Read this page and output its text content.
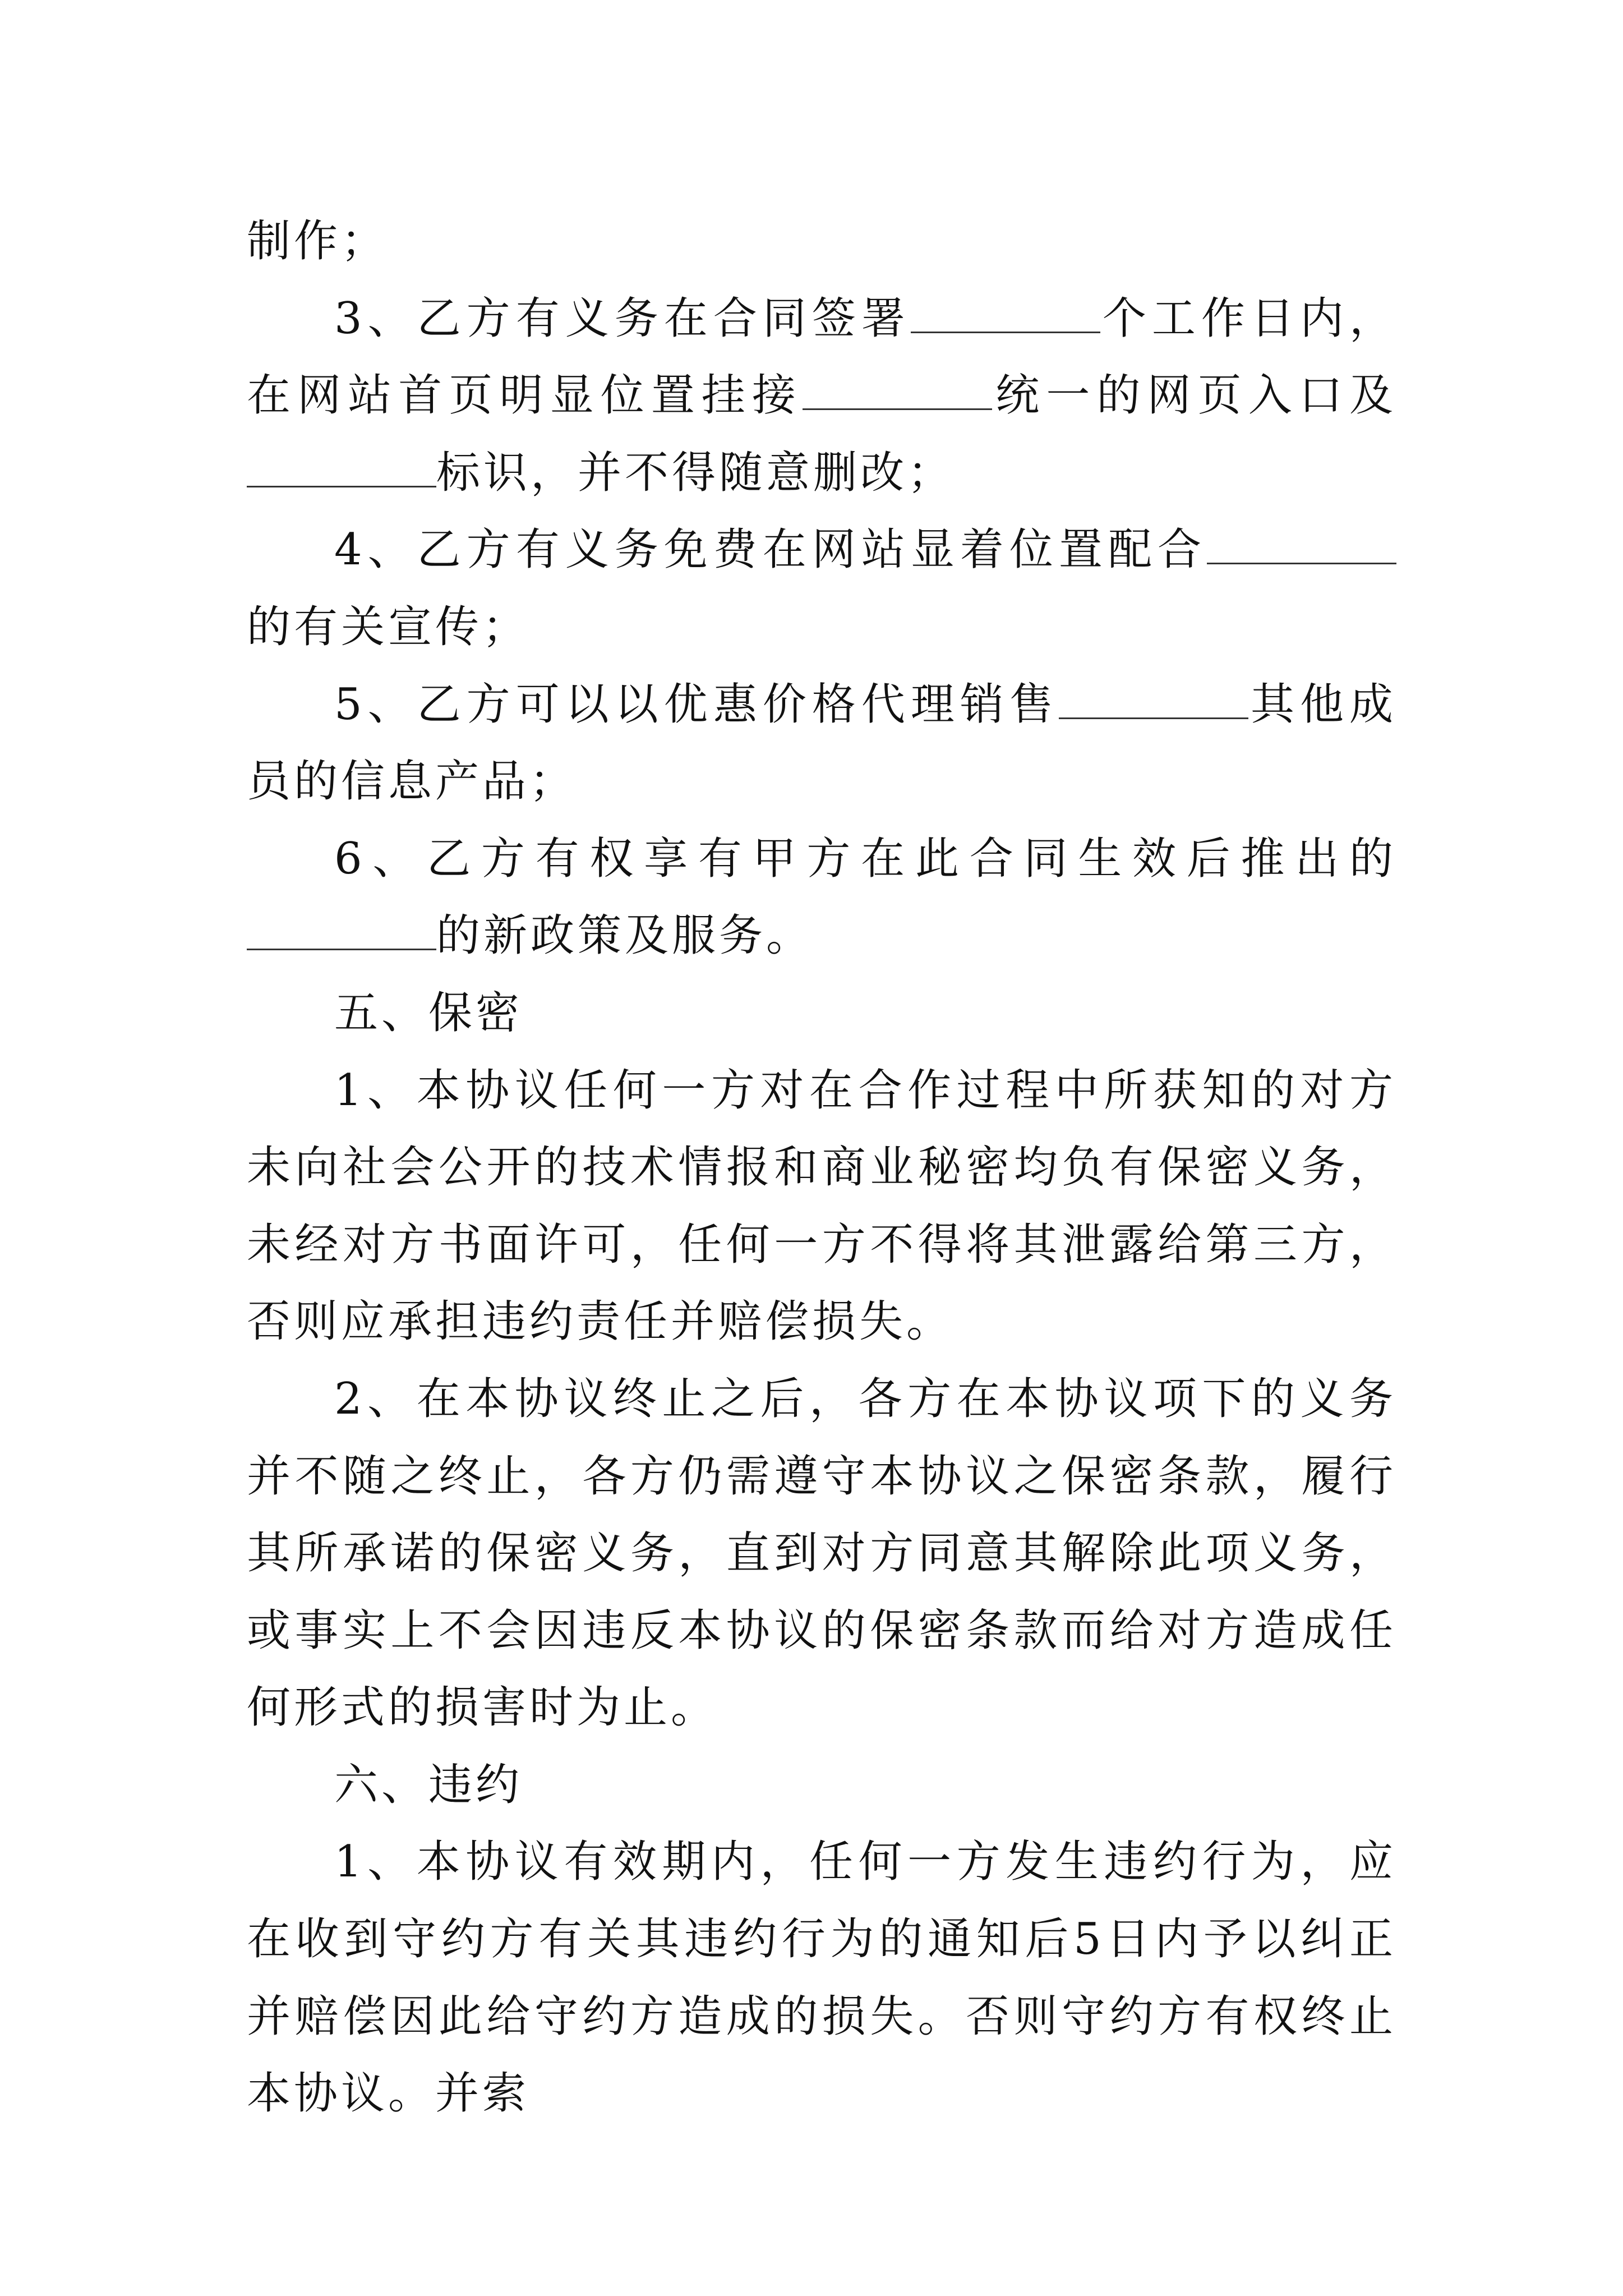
制作；

3、乙方有义务在合同签署	个工作日内，在网站首页明显位置挂接	统一的网页入口及标识，并不得随意删改；

4、乙方有义务免费在网站显着位置配合的有关宣传；

5、乙方可以以优惠价格代理销售	其他成员的信息产品；

6、乙方有权享有甲方在此合同生效后推出的的新政策及服务。

五、保密

1、本协议任何一方对在合作过程中所获知的对方未向社会公开的技术情报和商业秘密均负有保密义务，未经对方书面许可，任何一方不得将其泄露给第三方，否则应承担违约责任并赔偿损失。

2、在本协议终止之后，各方在本协议项下的义务并不随之终止，各方仍需遵守本协议之保密条款，履行其所承诺的保密义务，直到对方同意其解除此项义务，或事实上不会因违反本协议的保密条款而给对方造成任何形式的损害时为止。

六、违约

1、本协议有效期内，任何一方发生违约行为，应在收到守约方有关其违约行为的通知后5日内予以纠正并赔偿因此给守约方造成的损失。否则守约方有权终止本协议。并索
